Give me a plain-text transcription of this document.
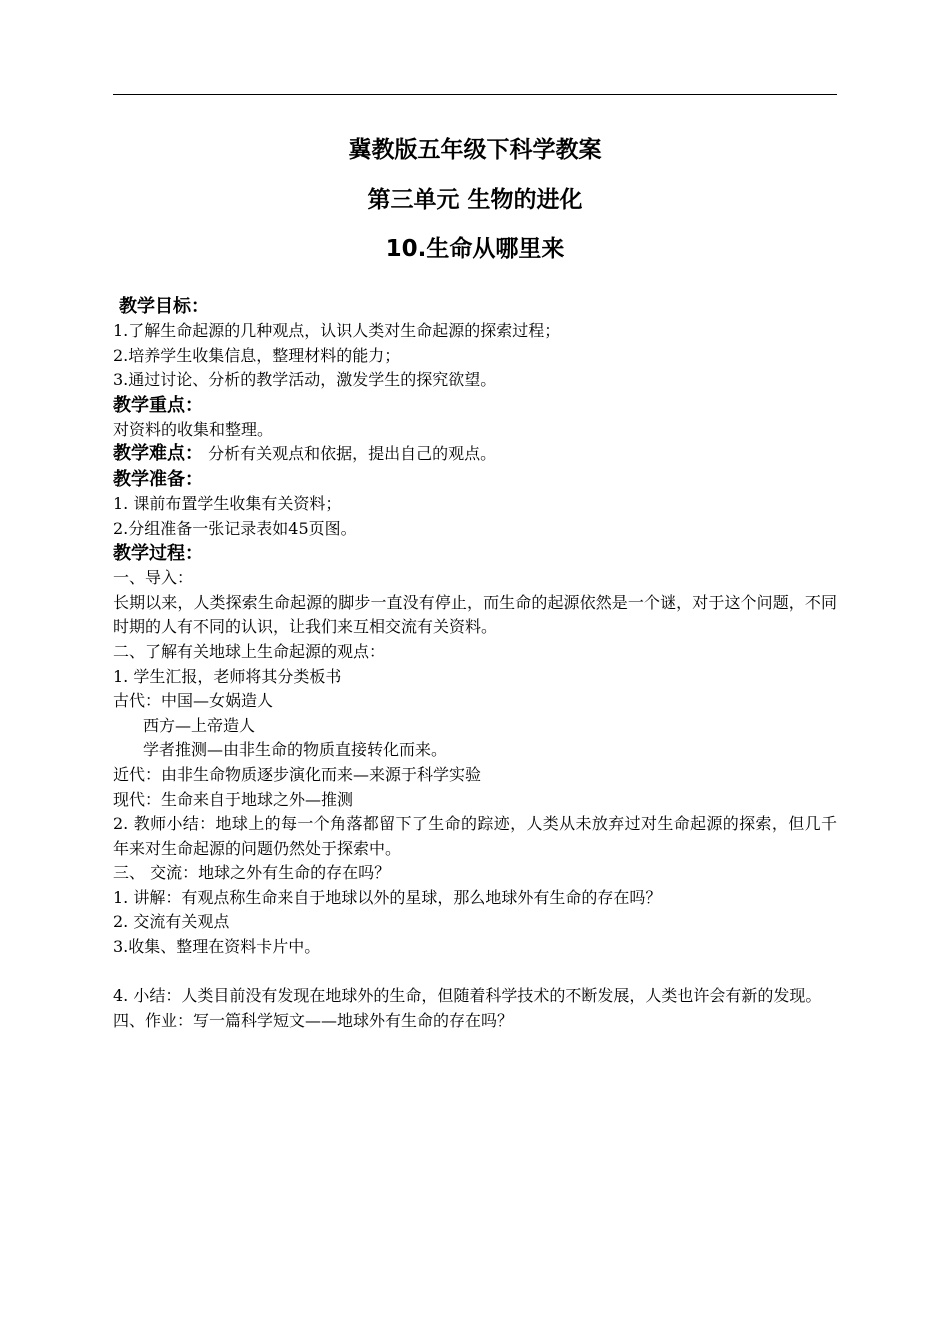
冀教版五年级下科学教案
第三单元 生物的进化
10.生命从哪里来

教学目标：

1.了解生命起源的几种观点，认识人类对生命起源的探索过程；

2.培养学生收集信息，整理材料的能力；

3.通过讨论、分析的教学活动，激发学生的探究欲望。

教学重点：

对资料的收集和整理。

教学难点： 分析有关观点和依据，提出自己的观点。

教学准备：

1. 课前布置学生收集有关资料；

2.分组准备一张记录表如45页图。

教学过程：

一、导入：

长期以来，人类探索生命起源的脚步一直没有停止，而生命的起源依然是一个谜，对于这个问题，不同时期的人有不同的认识，让我们来互相交流有关资料。

二、了解有关地球上生命起源的观点：

1. 学生汇报，老师将其分类板书

古代：中国—女娲造人

西方—上帝造人

学者推测—由非生命的物质直接转化而来。

近代：由非生命物质逐步演化而来—来源于科学实验

现代：生命来自于地球之外—推测

2. 教师小结：地球上的每一个角落都留下了生命的踪迹，人类从未放弃过对生命起源的探索，但几千年来对生命起源的问题仍然处于探索中。

三、 交流：地球之外有生命的存在吗？

1. 讲解：有观点称生命来自于地球以外的星球，那么地球外有生命的存在吗？

2. 交流有关观点

3.收集、整理在资料卡片中。

4. 小结：人类目前没有发现在地球外的生命，但随着科学技术的不断发展，人类也许会有新的发现。

四、作业：写一篇科学短文——地球外有生命的存在吗？
